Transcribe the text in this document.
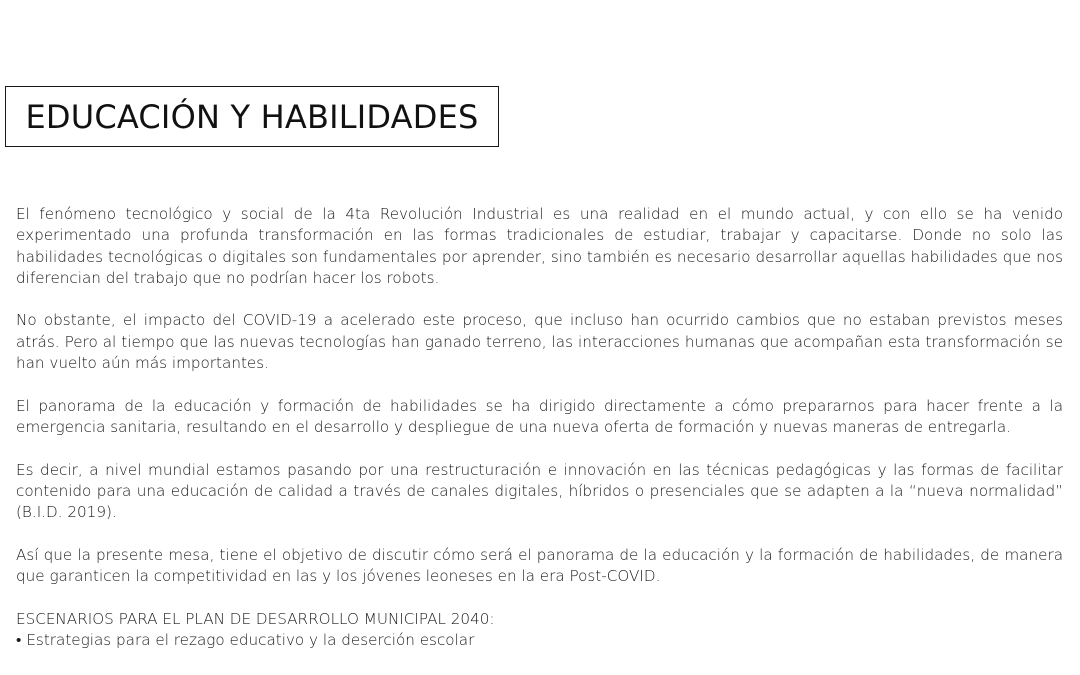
EDUCACIÓN Y HABILIDADES

El fenómeno tecnológico y social de la 4ta Revolución Industrial es una realidad en el mundo actual, y con ello se ha venido experimentado una profunda transformación en las formas tradicionales de estudiar, trabajar y capacitarse. Donde no solo las habilidades tecnológicas o digitales son fundamentales por aprender, sino también es necesario desarrollar aquellas habilidades que nos diferencian del trabajo que no podrían hacer los robots.

No obstante, el impacto del COVID-19 a acelerado este proceso, que incluso han ocurrido cambios que no estaban previstos meses atrás. Pero al tiempo que las nuevas tecnologías han ganado terreno, las interacciones humanas que acompañan esta transformación se han vuelto aún más importantes.

El panorama de la educación y formación de habilidades se ha dirigido directamente a cómo prepararnos para hacer frente a la emergencia sanitaria, resultando en el desarrollo y despliegue de una nueva oferta de formación y nuevas maneras de entregarla.

Es decir, a nivel mundial estamos pasando por una restructuración e innovación en las técnicas pedagógicas y las formas de facilitar contenido para una educación de calidad a través de canales digitales, híbridos o presenciales que se adapten a la “nueva normalidad” (B.I.D. 2019).

Así que la presente mesa, tiene el objetivo de discutir cómo será el panorama de la educación y la formación de habilidades, de manera que garanticen la competitividad en las y los jóvenes leoneses en la era Post-COVID.

ESCENARIOS PARA EL PLAN DE DESARROLLO MUNICIPAL 2040:
• Estrategias para el rezago educativo y la deserción escolar
